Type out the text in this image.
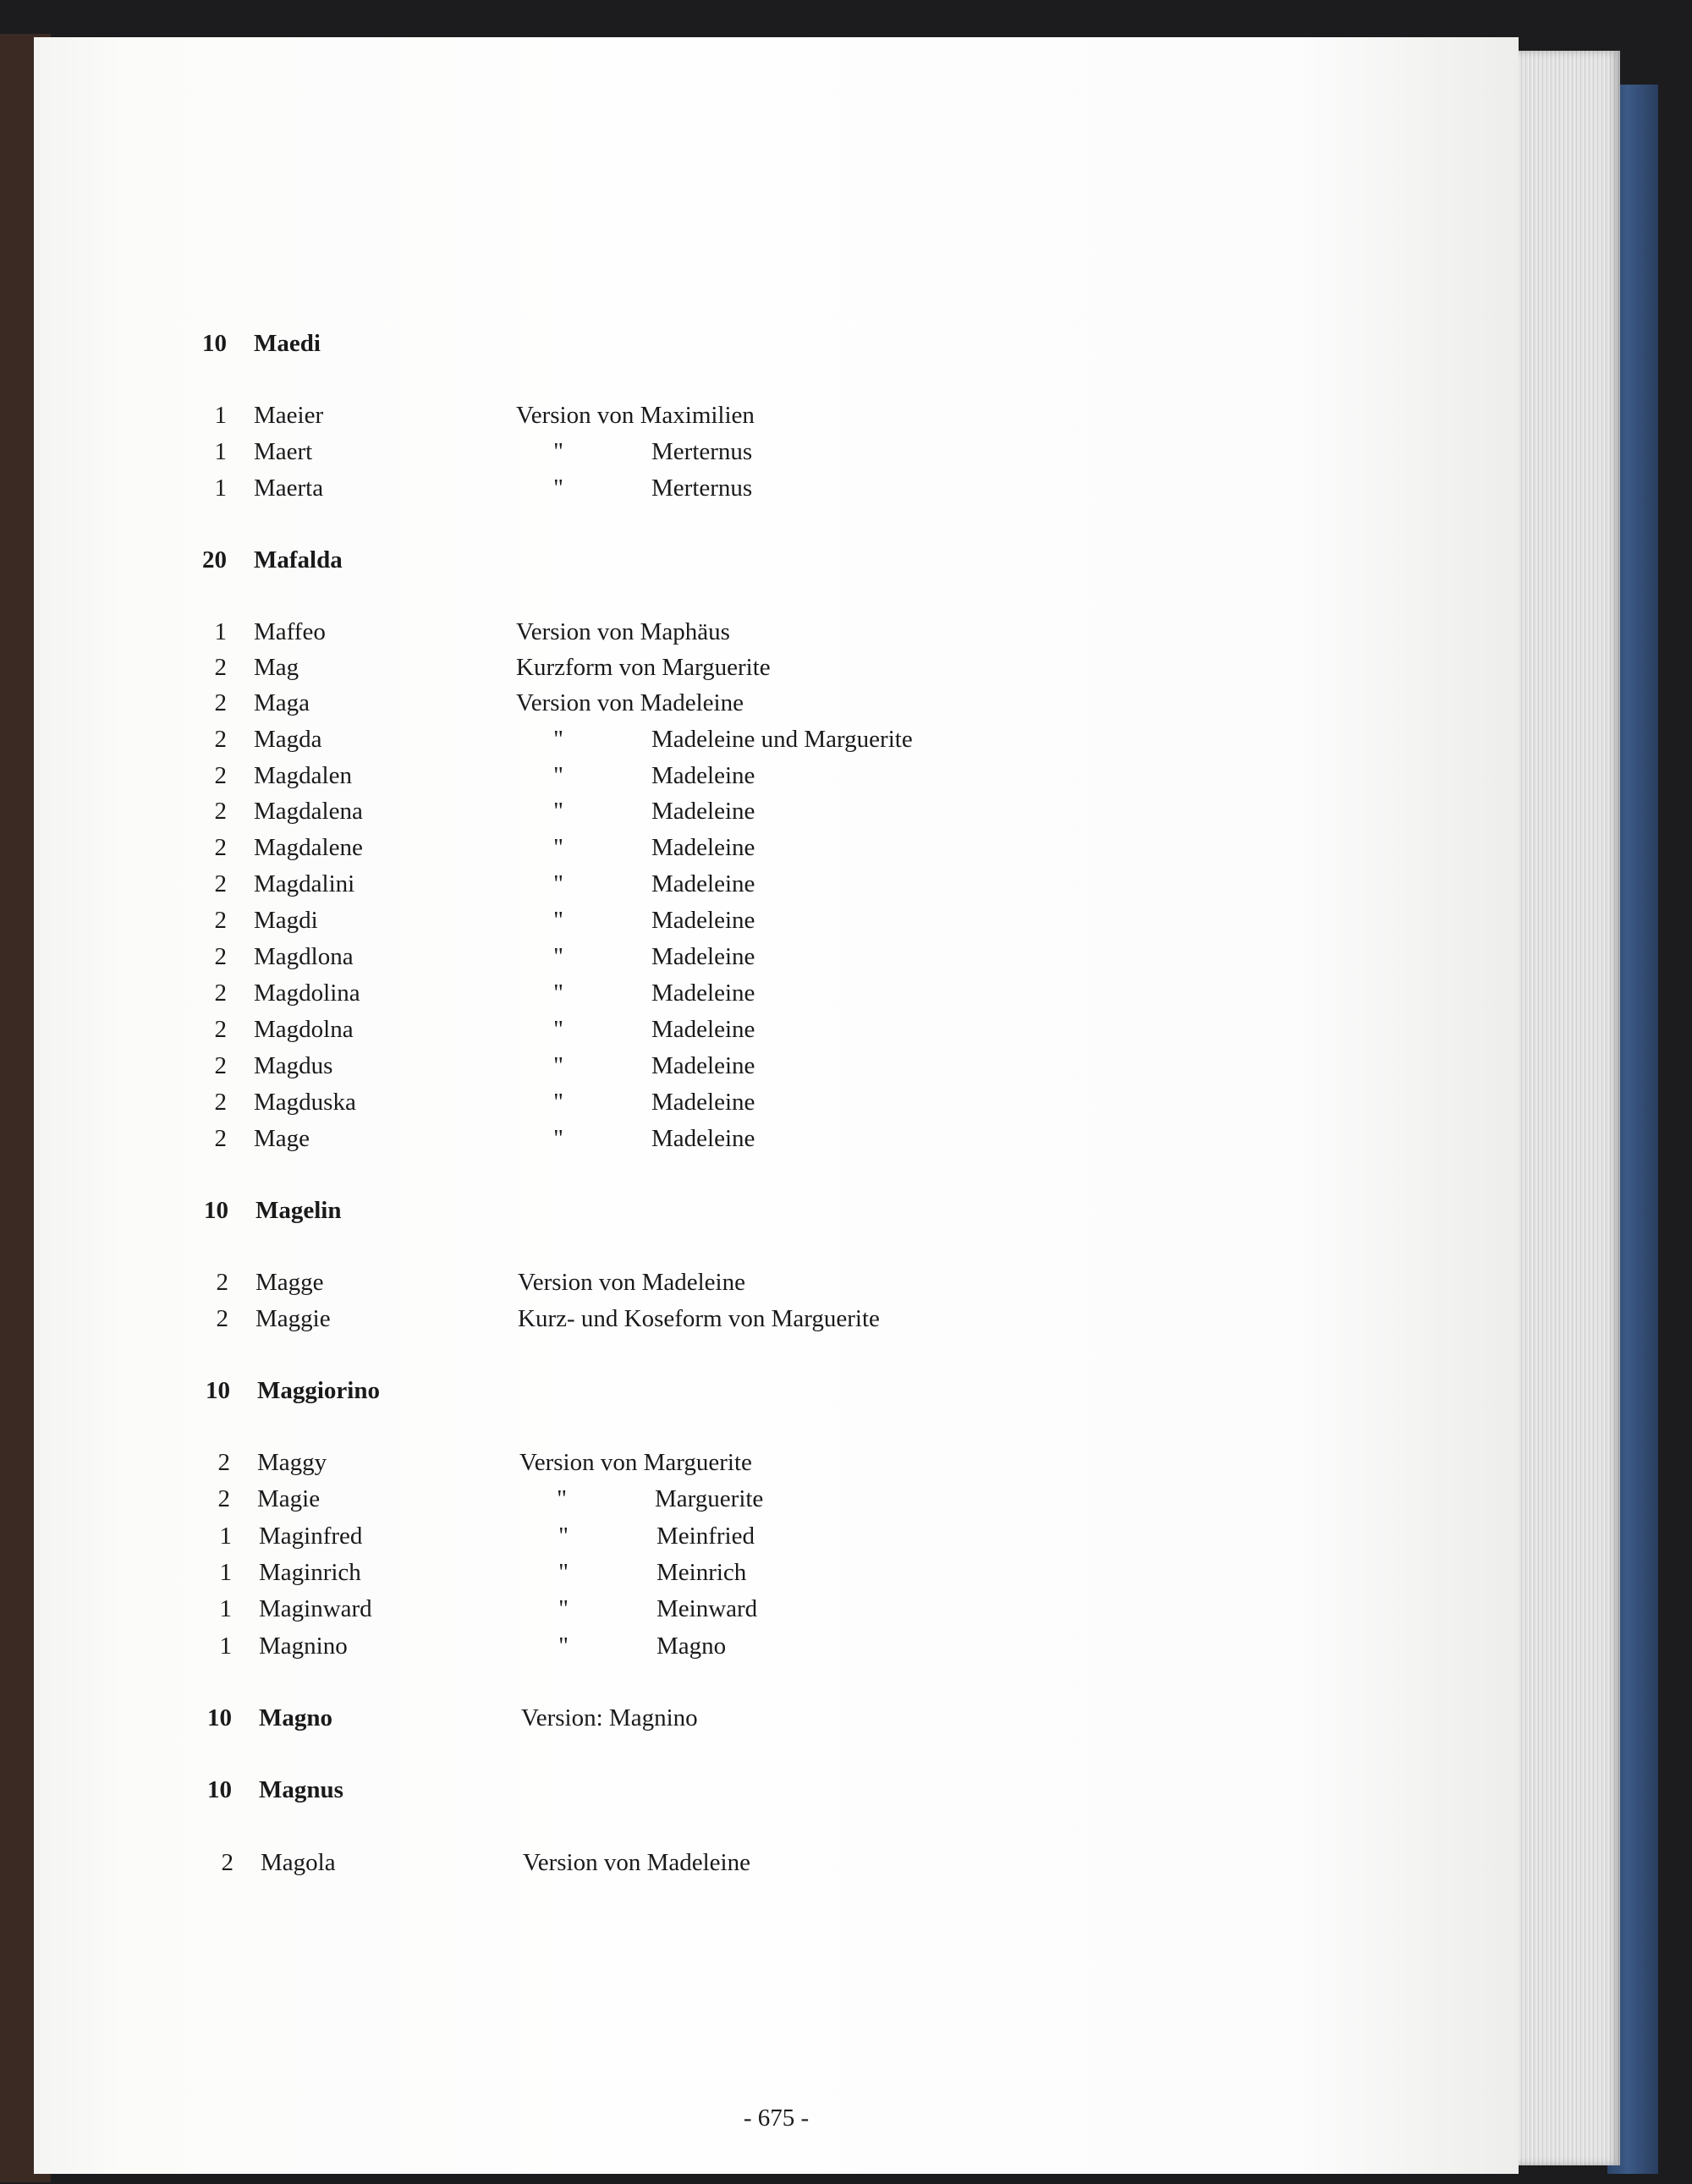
10 Maedi
1 Maeier	Version von Maximilien
1 Maert	"	Merternus
1 Maerta	"	Merternus
20 Mafalda
1 Maffeo	Version von Maphäus
2 Mag	Kurzform von Marguerite
2 Maga	Version von Madeleine
2 Magda	"	Madeleine und Marguerite
2 Magdalen	"	Madeleine
2 Magdalena	"	Madeleine
2 Magdalene	"	Madeleine
2 Magdalini	"	Madeleine
2 Magdi	"	Madeleine
2 Magdlona	"	Madeleine
2 Magdolina	"	Madeleine
2 Magdolna	"	Madeleine
2 Magdus	"	Madeleine
2 Magduska	"	Madeleine
2 Mage	"	Madeleine
10 Magelin
2 Magge	Version von Madeleine
2 Maggie	Kurz- und Koseform von Marguerite
10 Maggiorino
2 Maggy	Version von Marguerite
2 Magie	"	Marguerite
1 Maginfred	"	Meinfried
1 Maginrich	"	Meinrich
1 Maginward	"	Meinward
1 Magnino	"	Magno
10 Magno	Version: Magnino
10 Magnus
2 Magola	Version von Madeleine
- 675 -
